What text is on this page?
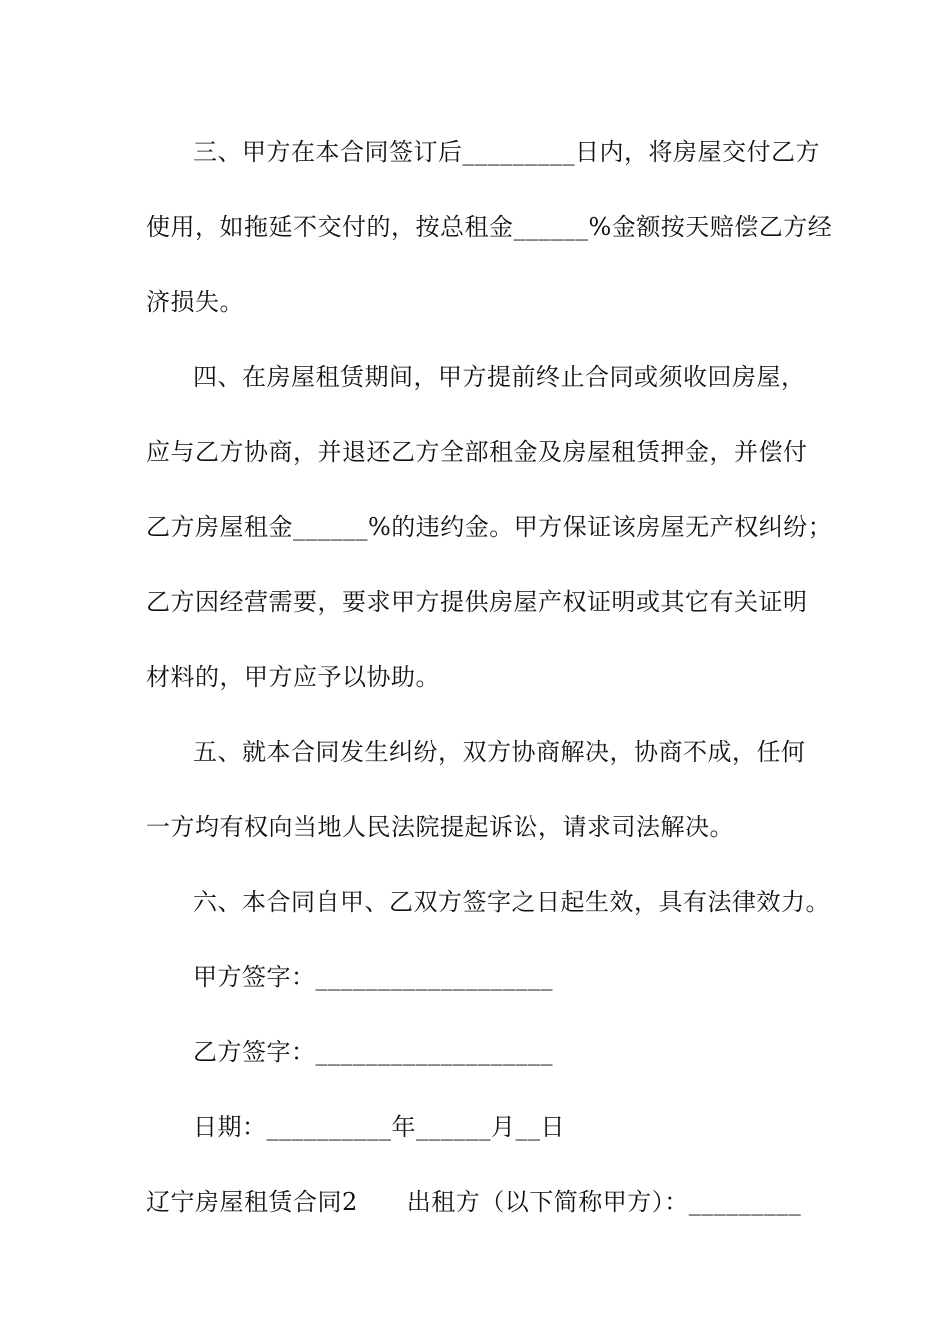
三、甲方在本合同签订后_________日内，将房屋交付乙方
使用，如拖延不交付的，按总租金______%金额按天赔偿乙方经
济损失。
四、在房屋租赁期间，甲方提前终止合同或须收回房屋，
应与乙方协商，并退还乙方全部租金及房屋租赁押金，并偿付
乙方房屋租金______%的违约金。甲方保证该房屋无产权纠纷；
乙方因经营需要，要求甲方提供房屋产权证明或其它有关证明
材料的，甲方应予以协助。
五、就本合同发生纠纷，双方协商解决，协商不成，任何
一方均有权向当地人民法院提起诉讼，请求司法解决。
六、本合同自甲、乙双方签字之日起生效，具有法律效力。
甲方签字：___________________
乙方签字：___________________
日期：__________年______月__日
辽宁房屋租赁合同2　　出租方（以下简称甲方）：_________
